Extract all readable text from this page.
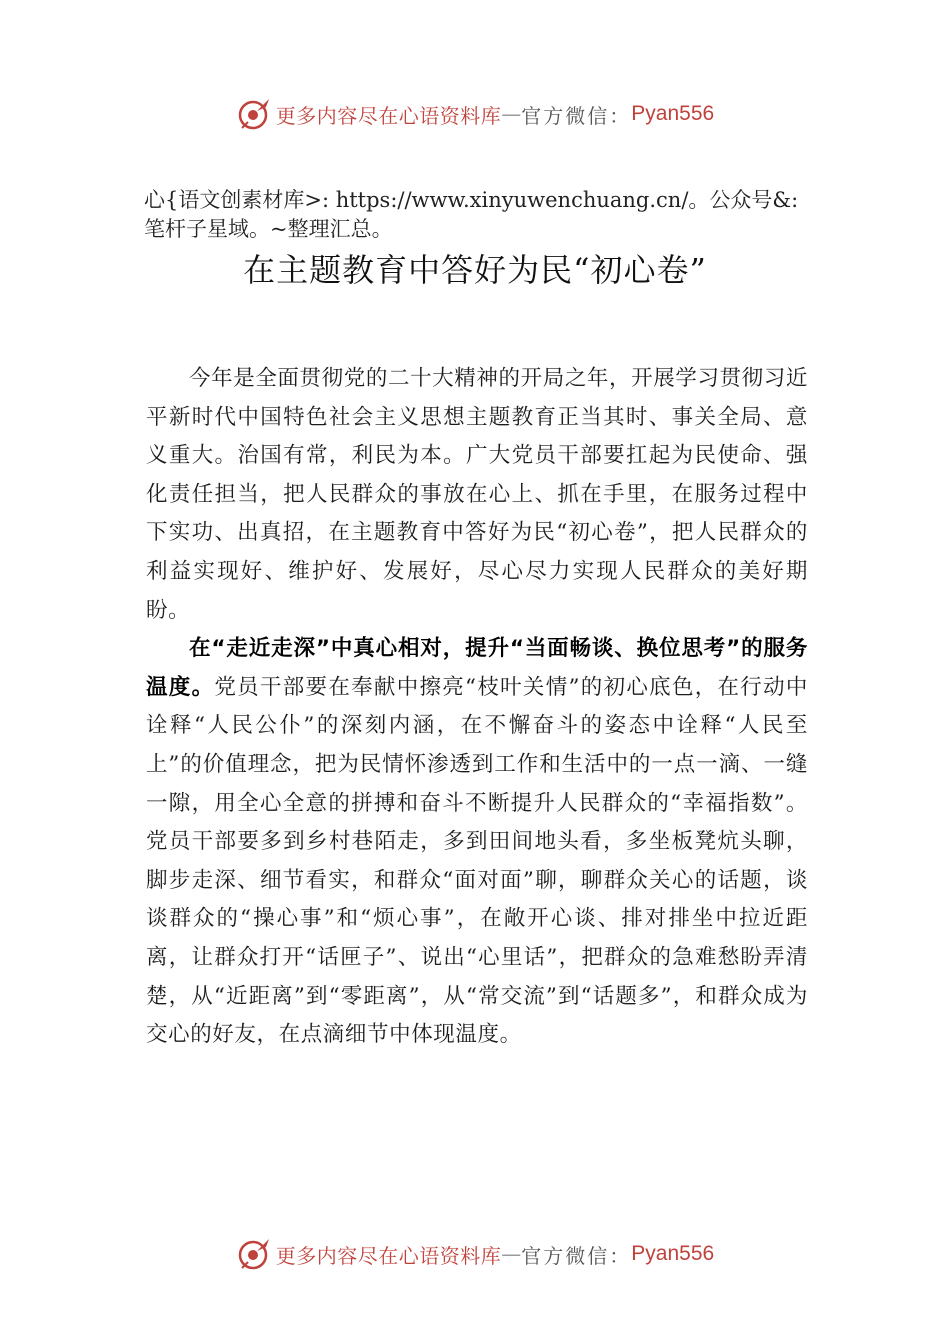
更多内容尽在心语资料库 — 官方微信： Pyan556
心{语文创素材库>: https://www.xinyuwenchuang.cn/。公众号&: 笔杆子星域。~整理汇总。
在主题教育中答好为民“初心卷”

今年是全面贯彻党的二十大精神的开局之年，开展学习贯彻习近平新时代中国特色社会主义思想主题教育正当其时、事关全局、意义重大。治国有常，利民为本。广大党员干部要扛起为民使命、强化责任担当，把人民群众的事放在心上、抓在手里，在服务过程中下实功、出真招，在主题教育中答好为民“初心卷”，把人民群众的利益实现好、维护好、发展好，尽心尽力实现人民群众的美好期盼。

在“走近走深”中真心相对，提升“当面畅谈、换位思考”的服务温度。党员干部要在奉献中擦亮“枝叶关情”的初心底色，在行动中诠释“人民公仆”的深刻内涵，在不懈奋斗的姿态中诠释“人民至上”的价值理念，把为民情怀渗透到工作和生活中的一点一滴、一缝一隙，用全心全意的拼搏和奋斗不断提升人民群众的“幸福指数”。党员干部要多到乡村巷陌走，多到田间地头看，多坐板凳炕头聊，脚步走深、细节看实，和群众“面对面”聊，聊群众关心的话题，谈谈群众的“操心事”和“烦心事”，在敞开心谈、排对排坐中拉近距离，让群众打开“话匣子”、说出“心里话”，把群众的急难愁盼弄清楚，从“近距离”到“零距离”，从“常交流”到“话题多”，和群众成为交心的好友，在点滴细节中体现温度。

更多内容尽在心语资料库 — 官方微信： Pyan556
